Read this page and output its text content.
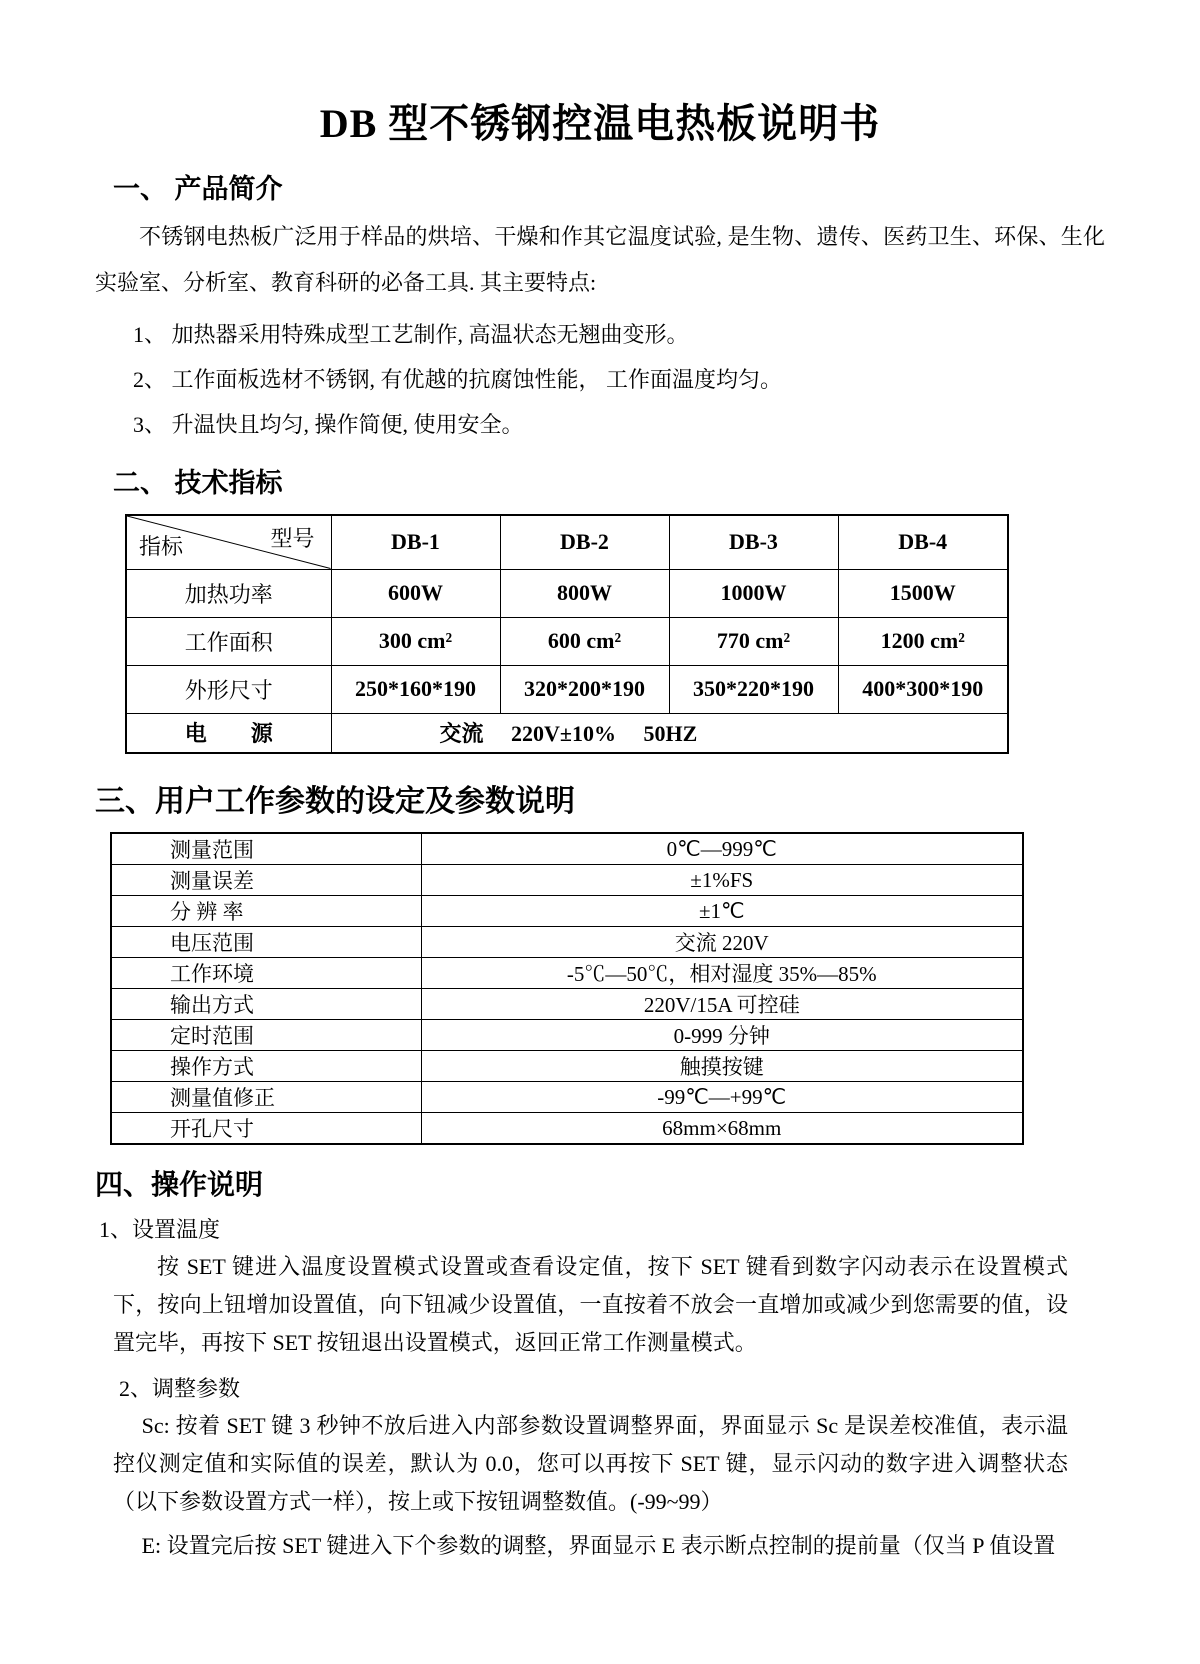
DB 型不锈钢控温电热板说明书
一、 产品简介

不锈钢电热板广泛用于样品的烘培、干燥和作其它温度试验, 是生物、遗传、医药卫生、环保、生化实验室、分析室、教育科研的必备工具. 其主要特点:

1、 加热器采用特殊成型工艺制作, 高温状态无翘曲变形。

2、 工作面板选材不锈钢, 有优越的抗腐蚀性能， 工作面温度均匀。

3、 升温快且均匀, 操作简便, 使用安全。

二、 技术指标
型号
指标	DB-1	DB-2	DB-3	DB-4
加热功率	600W	800W	1000W	1500W
工作面积	300 cm²	600 cm²	770 cm²	1200 cm²
外形尺寸	250*160*190	320*200*190	350*220*190	400*300*190
电　　源	交流　 220V±10% 　50HZ			
三、用户工作参数的设定及参数说明
测量范围	0℃—999℃
测量误差	±1%FS
分 辨 率	±1℃
电压范围	交流 220V
工作环境	-5℃—50℃，相对湿度 35%—85%
输出方式	220V/15A 可控硅
定时范围	0-999 分钟
操作方式	触摸按键
测量值修正	-99℃—+99℃
开孔尺寸	68mm×68mm
四、操作说明

1、设置温度

按 SET 键进入温度设置模式设置或查看设定值，按下 SET 键看到数字闪动表示在设置模式下，按向上钮增加设置值，向下钮减少设置值，一直按着不放会一直增加或减少到您需要的值，设置完毕，再按下 SET 按钮退出设置模式，返回正常工作测量模式。

2、调整参数

Sc: 按着 SET 键 3 秒钟不放后进入内部参数设置调整界面，界面显示 Sc 是误差校准值，表示温控仪测定值和实际值的误差，默认为 0.0，您可以再按下 SET 键，显示闪动的数字进入调整状态（以下参数设置方式一样），按上或下按钮调整数值。(-99~99）

E: 设置完后按 SET 键进入下个参数的调整，界面显示 E 表示断点控制的提前量（仅当 P 值设置
